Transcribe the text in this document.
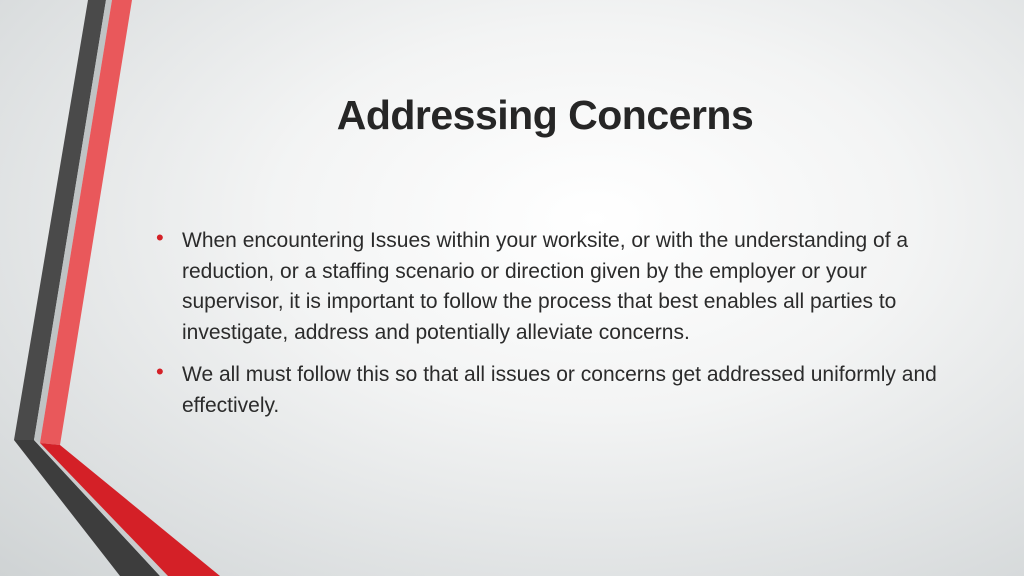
Addressing Concerns
• When encountering Issues within your worksite, or with the understanding of a reduction, or a staffing scenario or direction given by the employer or your supervisor, it is important to follow the process that best enables all parties to investigate, address and potentially alleviate concerns.
• We all must follow this so that all issues or concerns get addressed uniformly and effectively.
